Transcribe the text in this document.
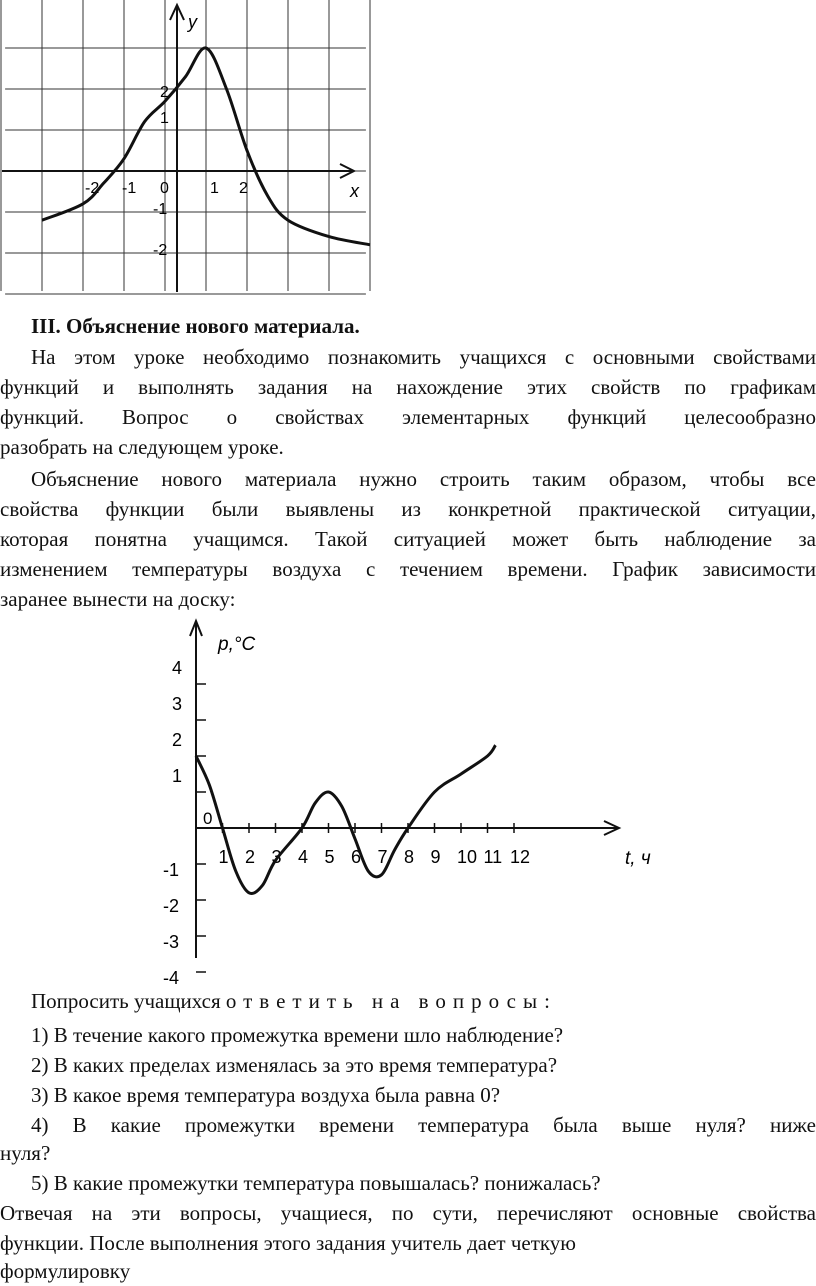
-2 -1 0	1 2
2
1
-1
-2
x
y
1 2 3 4 5 6 7 8 9 10 11 12
4
3
2
1
-1
-2
-3
-4
0
p,°С
t, ч
III. Объяснение нового материала.
На этом уроке необходимо познакомить учащихся с основными свойствами
функций и выполнять задания на нахождение этих свойств по графикам
функций. Вопрос о свойствах элементарных функций целесообразно
разобрать на следующем уроке.
Объяснение нового материала нужно строить таким образом, чтобы все
свойства функции были выявлены из конкретной практической ситуации,
которая понятна учащимся. Такой ситуацией может быть наблюдение за
изменением температуры воздуха с течением времени. График зависимости
заранее вынести на доску:
Попросить учащихся ответить на вопросы:
1) В течение какого промежутка времени шло наблюдение?
2) В каких пределах изменялась за это время температура?
3) В какое время температура воздуха была равна 0?
4) В какие промежутки времени температура была выше нуля? ниже
нуля?
5) В какие промежутки температура повышалась? понижалась?
Отвечая на эти вопросы, учащиеся, по сути, перечисляют основные свойства
функции. После выполнения этого задания учитель дает четкую
формулировку
